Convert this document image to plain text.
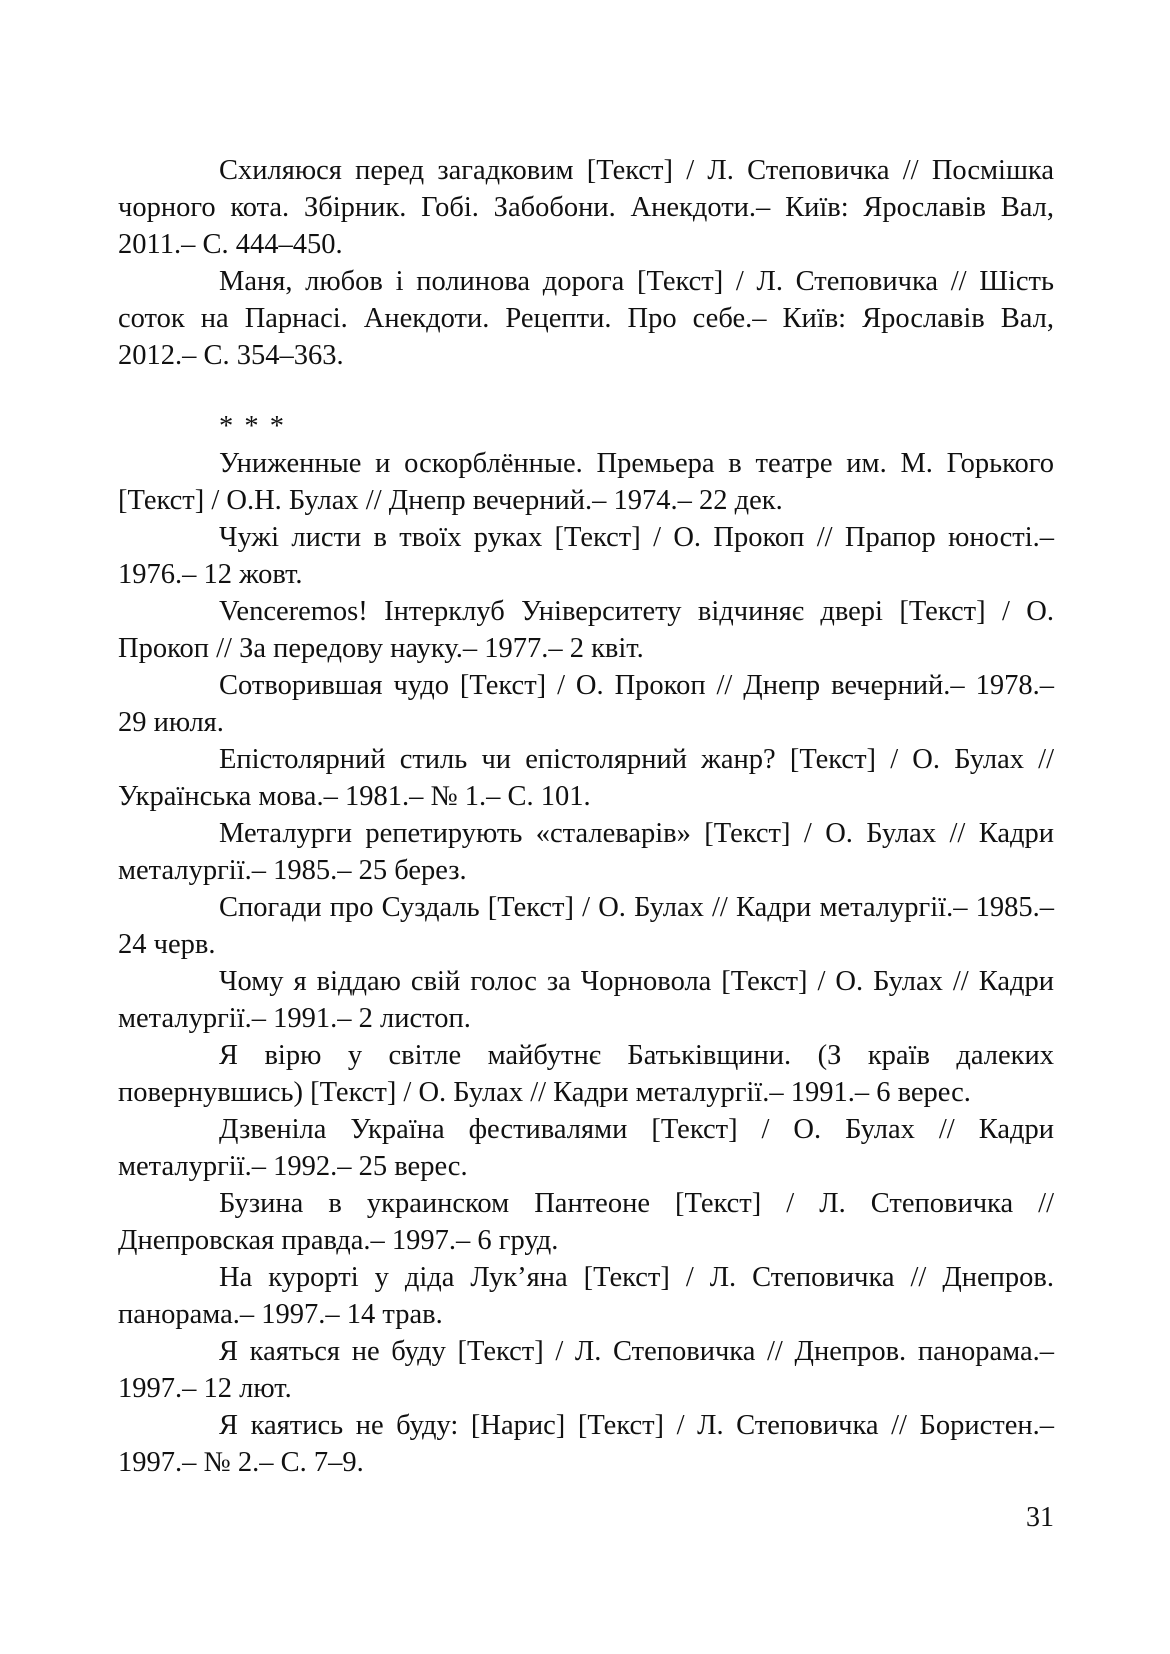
Схиляюся перед загадковим [Текст] / Л. Степовичка // Посмішка чорного кота. Збірник. Гобі. Забобони. Анекдоти.– Київ: Ярославів Вал, 2011.– С. 444–450.

Маня, любов і полинова дорога [Текст] / Л. Степовичка // Шість соток на Парнасі. Анекдоти. Рецепти. Про себе.– Київ: Ярославів Вал, 2012.– С. 354–363.

* * *

Униженные и оскорблённые. Премьера в театре им. М. Горького [Текст] / О.Н. Булах // Днепр вечерний.– 1974.– 22 дек.

Чужі листи в твоїх руках [Текст] / О. Прокоп // Прапор юності.– 1976.– 12 жовт.

Venceremos! Інтерклуб Університету відчиняє двері [Текст] / О. Прокоп // За передову науку.– 1977.– 2 квіт.

Сотворившая чудо [Текст] / О. Прокоп // Днепр вечерний.– 1978.– 29 июля.

Епістолярний стиль чи епістолярний жанр? [Текст] / О. Булах // Українська мова.– 1981.– № 1.– С. 101.

Металурги репетирують «сталеварів» [Текст] / О. Булах // Кадри металургії.– 1985.– 25 берез.

Спогади про Суздаль [Текст] / О. Булах // Кадри металургії.– 1985.– 24 черв.

Чому я віддаю свій голос за Чорновола [Текст] / О. Булах // Кадри металургії.– 1991.– 2 листоп.

Я вірю у світле майбутнє Батьківщини. (З країв далеких повернувшись) [Текст] / О. Булах // Кадри металургії.– 1991.– 6 верес.

Дзвеніла Україна фестивалями [Текст] / О. Булах // Кадри металургії.– 1992.– 25 верес.

Бузина в украинском Пантеоне [Текст] / Л. Степовичка // Днепровская правда.– 1997.– 6 груд.

На курорті у діда Лук’яна [Текст] / Л. Степовичка // Днепров. панорама.– 1997.– 14 трав.

Я каяться не буду [Текст] / Л. Степовичка // Днепров. панорама.– 1997.– 12 лют.

Я каятись не буду: [Нарис] [Текст] / Л. Степовичка // Бористен.– 1997.– № 2.– С. 7–9.

31
